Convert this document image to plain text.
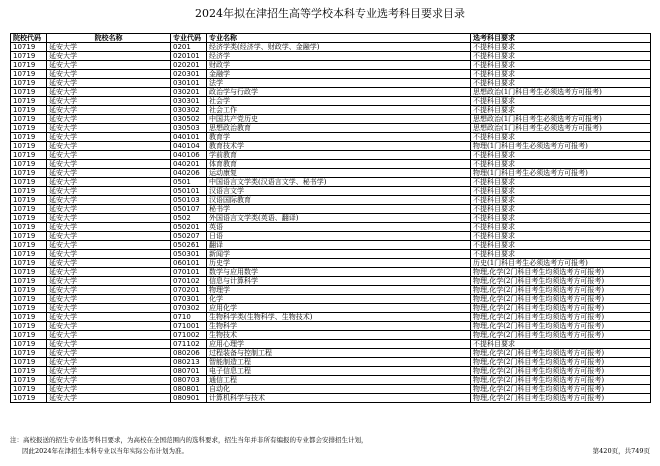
2024年拟在津招生高等学校本科专业选考科目要求目录
院校代码	院校名称	专业代码	专业名称	选考科目要求
10719	延安大学	0201	经济学类(经济学、财政学、金融学)	不提科目要求
10719	延安大学	020101	经济学	不提科目要求
10719	延安大学	020201	财政学	不提科目要求
10719	延安大学	020301	金融学	不提科目要求
10719	延安大学	030101	法学	不提科目要求
10719	延安大学	030201	政治学与行政学	思想政治(1门科目考生必须选考方可报考)
10719	延安大学	030301	社会学	不提科目要求
10719	延安大学	030302	社会工作	不提科目要求
10719	延安大学	030502	中国共产党历史	思想政治(1门科目考生必须选考方可报考)
10719	延安大学	030503	思想政治教育	思想政治(1门科目考生必须选考方可报考)
10719	延安大学	040101	教育学	不提科目要求
10719	延安大学	040104	教育技术学	物理(1门科目考生必须选考方可报考)
10719	延安大学	040106	学前教育	不提科目要求
10719	延安大学	040201	体育教育	不提科目要求
10719	延安大学	040206	运动康复	物理(1门科目考生必须选考方可报考)
10719	延安大学	0501	中国语言文学类(汉语言文学、秘书学)	不提科目要求
10719	延安大学	050101	汉语言文学	不提科目要求
10719	延安大学	050103	汉语国际教育	不提科目要求
10719	延安大学	050107	秘书学	不提科目要求
10719	延安大学	0502	外国语言文学类(英语、翻译)	不提科目要求
10719	延安大学	050201	英语	不提科目要求
10719	延安大学	050207	日语	不提科目要求
10719	延安大学	050261	翻译	不提科目要求
10719	延安大学	050301	新闻学	不提科目要求
10719	延安大学	060101	历史学	历史(1门科目考生必须选考方可报考)
10719	延安大学	070101	数学与应用数学	物理,化学(2门科目考生均须选考方可报考)
10719	延安大学	070102	信息与计算科学	物理,化学(2门科目考生均须选考方可报考)
10719	延安大学	070201	物理学	物理,化学(2门科目考生均须选考方可报考)
10719	延安大学	070301	化学	物理,化学(2门科目考生均须选考方可报考)
10719	延安大学	070302	应用化学	物理,化学(2门科目考生均须选考方可报考)
10719	延安大学	0710	生物科学类(生物科学、生物技术)	物理,化学(2门科目考生均须选考方可报考)
10719	延安大学	071001	生物科学	物理,化学(2门科目考生均须选考方可报考)
10719	延安大学	071002	生物技术	物理,化学(2门科目考生均须选考方可报考)
10719	延安大学	071102	应用心理学	不提科目要求
10719	延安大学	080206	过程装备与控制工程	物理,化学(2门科目考生均须选考方可报考)
10719	延安大学	080213	智能制造工程	物理,化学(2门科目考生均须选考方可报考)
10719	延安大学	080701	电子信息工程	物理,化学(2门科目考生均须选考方可报考)
10719	延安大学	080703	通信工程	物理,化学(2门科目考生均须选考方可报考)
10719	延安大学	080801	自动化	物理,化学(2门科目考生均须选考方可报考)
10719	延安大学	080901	计算机科学与技术	物理,化学(2门科目考生均须选考方可报考)
注：高校报送的招生专业选考科目要求，为高校在全国范围内的选科要求，招生当年并非所有编报的专业都会安排招生计划，
因此2024年在津招生本科专业以当年实际公布计划为准。	第420页，共749页
